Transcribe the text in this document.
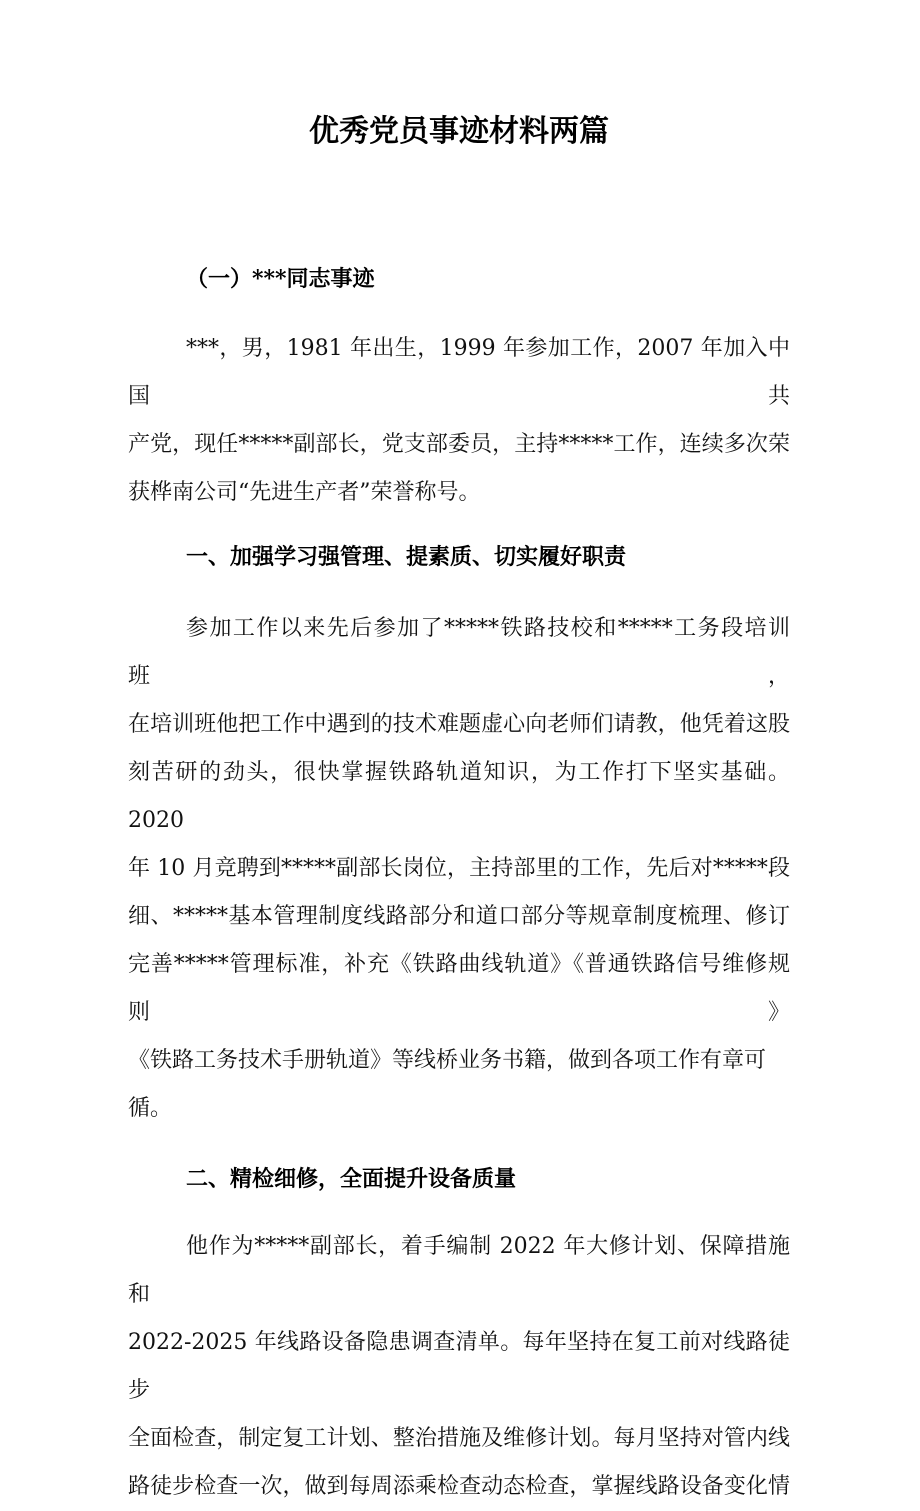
优秀党员事迹材料两篇
（一）***同志事迹
***，男，1981 年出生，1999 年参加工作，2007 年加入中国共
产党，现任*****副部长，党支部委员，主持*****工作，连续多次荣
获桦南公司“先进生产者”荣誉称号。
一、加强学习强管理、提素质、切实履好职责
参加工作以来先后参加了*****铁路技校和*****工务段培训班，
在培训班他把工作中遇到的技术难题虚心向老师们请教，他凭着这股
刻苦研的劲头，很快掌握铁路轨道知识，为工作打下坚实基础。2020
年 10 月竞聘到*****副部长岗位，主持部里的工作，先后对*****段
细、*****基本管理制度线路部分和道口部分等规章制度梳理、修订
完善*****管理标准，补充《铁路曲线轨道》《普通铁路信号维修规则》
《铁路工务技术手册轨道》等线桥业务书籍，做到各项工作有章可循。
二、精检细修，全面提升设备质量
他作为*****副部长，着手编制 2022 年大修计划、保障措施和
2022-2025 年线路设备隐患调查清单。每年坚持在复工前对线路徒步
全面检查，制定复工计划、整治措施及维修计划。每月坚持对管内线
路徒步检查一次，做到每周添乘检查动态检查，掌握线路设备变化情
